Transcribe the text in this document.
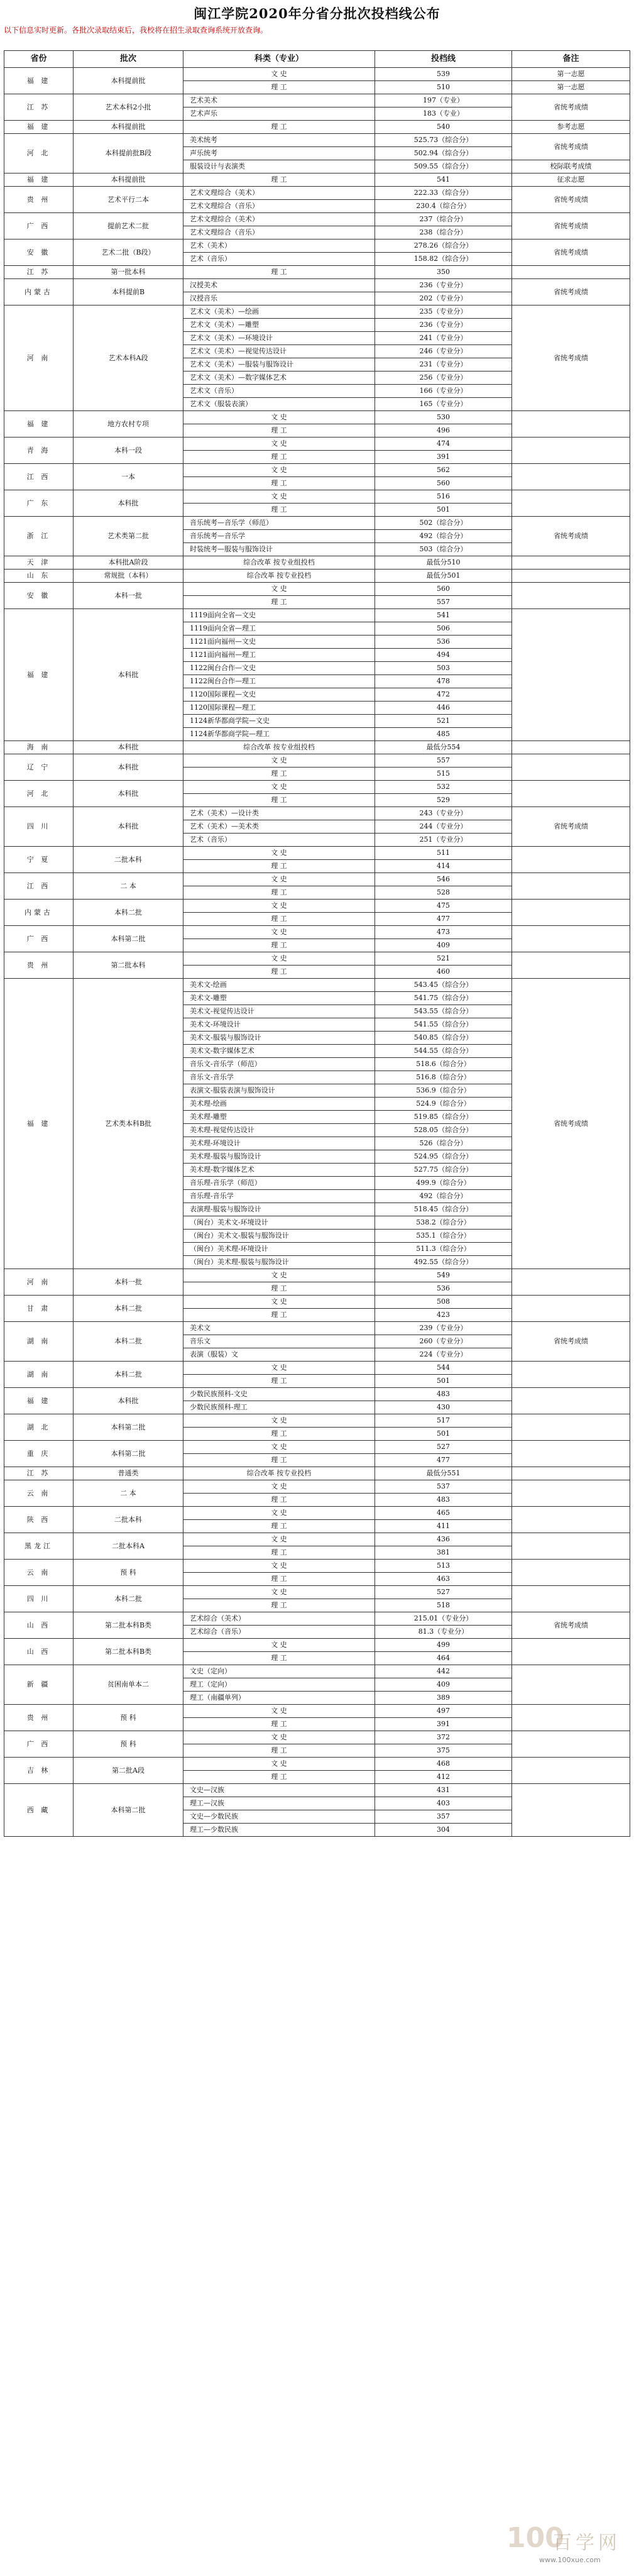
闽江学院2020年分省分批次投档线公布
以下信息实时更新。各批次录取结束后，我校将在招生录取查询系统开放查询。
省份	批次	科类（专业）	投档线	备注
福 建	本科提前批	文 史	539	第一志愿
		理 工	510	第一志愿
江 苏	艺术本科2小批	艺术美术	197（专业）	省统考成绩
		艺术声乐	183（专业）	
福 建	本科提前批	理 工	540	参考志愿
河 北	本科提前批B段	美术统考	525.73（综合分）	省统考成绩
		声乐统考	502.94（综合分）	
		服装设计与表演类	509.55（综合分）	校际联考成绩
福 建	本科提前批	理 工	541	征求志愿
贵 州	艺术平行二本	艺术文理综合（美术）	222.33（综合分）	省统考成绩
		艺术文理综合（音乐）	230.4（综合分）	
广 西	提前艺术二批	艺术文理综合（美术）	237（综合分）	省统考成绩
		艺术文理综合（音乐）	238（综合分）	
安 徽	艺术二批（B段）	艺术（美术）	278.26（综合分）	省统考成绩
		艺术（音乐）	158.82（综合分）	
江 苏	第一批本科	理 工	350	
内蒙古	本科提前B	汉授美术	236（专业分）	省统考成绩
		汉授音乐	202（专业分）	
河 南	艺术本科A段	艺术文（美术）—绘画	235（专业分）	省统考成绩
		艺术文（美术）—雕塑	236（专业分）	
		艺术文（美术）—环境设计	241（专业分）	
		艺术文（美术）—视觉传达设计	246（专业分）	
		艺术文（美术）—服装与服饰设计	231（专业分）	
		艺术文（美术）—数字媒体艺术	256（专业分）	
		艺术文（音乐）	166（专业分）	
		艺术文（服装表演）	165（专业分）	
福 建	地方农村专项	文 史	530	
		理 工	496	
青 海	本科一段	文 史	474	
		理 工	391	
江 西	一本	文 史	562	
		理 工	560	
广 东	本科批	文 史	516	
		理 工	501	
浙 江	艺术类第二批	音乐统考—音乐学（师范）	502（综合分）	省统考成绩
		音乐统考—音乐学	492（综合分）	
		时装统考—服装与服饰设计	503（综合分）	
天 津	本科批A阶段	综合改革 按专业组投档	最低分510	
山 东	常规批（本科）	综合改革 按专业投档	最低分501	
安 徽	本科一批	文 史	560	
		理 工	557	
福 建	本科批	1119面向全省—文史	541	
		1119面向全省—理工	506	
		1121面向福州—文史	536	
		1121面向福州—理工	494	
		1122闽台合作—文史	503	
		1122闽台合作—理工	478	
		1120国际课程—文史	472	
		1120国际课程—理工	446	
		1124新华都商学院—文史	521	
		1124新华都商学院—理工	485	
海 南	本科批	综合改革 按专业组投档	最低分554	
辽 宁	本科批	文 史	557	
		理 工	515	
河 北	本科批	文 史	532	
		理 工	529	
四 川	本科批	艺术（美术）—设计类	243（专业分）	省统考成绩
		艺术（美术）—美术类	244（专业分）	
		艺术（音乐）	251（专业分）	
宁 夏	二批本科	文 史	511	
		理 工	414	
江 西	二 本	文 史	546	
		理 工	528	
内蒙古	本科二批	文 史	475	
		理 工	477	
广 西	本科第二批	文 史	473	
		理 工	409	
贵 州	第二批本科	文 史	521	
		理 工	460	
福 建	艺术类本科B批	美术文-绘画	543.45（综合分）	省统考成绩
		美术文-雕塑	541.75（综合分）	
		美术文-视觉传达设计	543.55（综合分）	
		美术文-环境设计	541.55（综合分）	
		美术文-服装与服饰设计	540.85（综合分）	
		美术文-数字媒体艺术	544.55（综合分）	
		音乐文-音乐学（师范）	518.6（综合分）	
		音乐文-音乐学	516.8（综合分）	
		表演文-服装表演与服饰设计	536.9（综合分）	
		美术理-绘画	524.9（综合分）	
		美术理-雕塑	519.85（综合分）	
		美术理-视觉传达设计	528.05（综合分）	
		美术理-环境设计	526（综合分）	
		美术理-服装与服饰设计	524.95（综合分）	
		美术理-数字媒体艺术	527.75（综合分）	
		音乐理-音乐学（师范）	499.9（综合分）	
		音乐理-音乐学	492（综合分）	
		表演理-服装与服饰设计	518.45（综合分）	
		（闽台）美术文-环境设计	538.2（综合分）	
		（闽台）美术文-服装与服饰设计	535.1（综合分）	
		（闽台）美术理-环境设计	511.3（综合分）	
		（闽台）美术理-服装与服饰设计	492.55（综合分）	
河 南	本科一批	文 史	549	
		理 工	536	
甘 肃	本科二批	文 史	508	
		理 工	423	
湖 南	本科二批	美术文	239（专业分）	省统考成绩
		音乐文	260（专业分）	
		表演（服装）文	224（专业分）	
湖 南	本科二批	文 史	544	
		理 工	501	
福 建	本科批	少数民族预科-文史	483	
		少数民族预科-理工	430	
湖 北	本科第二批	文 史	517	
		理 工	501	
重 庆	本科第二批	文 史	527	
		理 工	477	
江 苏	普通类	综合改革 按专业投档	最低分551	
云 南	二 本	文 史	537	
		理 工	483	
陕 西	二批本科	文 史	465	
		理 工	411	
黑龙江	二批本科A	文 史	436	
		理 工	381	
云 南	预 科	文 史	513	
		理 工	463	
四 川	本科二批	文 史	527	
		理 工	518	
山 西	第二批本科B类	艺术综合（美术）	215.01（专业分）	省统考成绩
		艺术综合（音乐）	81.3（专业分）	
山 西	第二批本科B类	文 史	499	
		理 工	464	
新 疆	贫困南单本二	文史（定向）	442	
		理工（定向）	409	
		理工（南疆单列）	389	
贵 州	预 科	文 史	497	
		理 工	391	
广 西	预 科	文 史	372	
		理 工	375	
吉 林	第二批A段	文 史	468	
		理 工	412	
西 藏	本科第二批	文史—汉族	431	
		理工—汉族	403	
		文史—少数民族	357	
		理工—少数民族	304	
100
百学网
www.100xue.com
